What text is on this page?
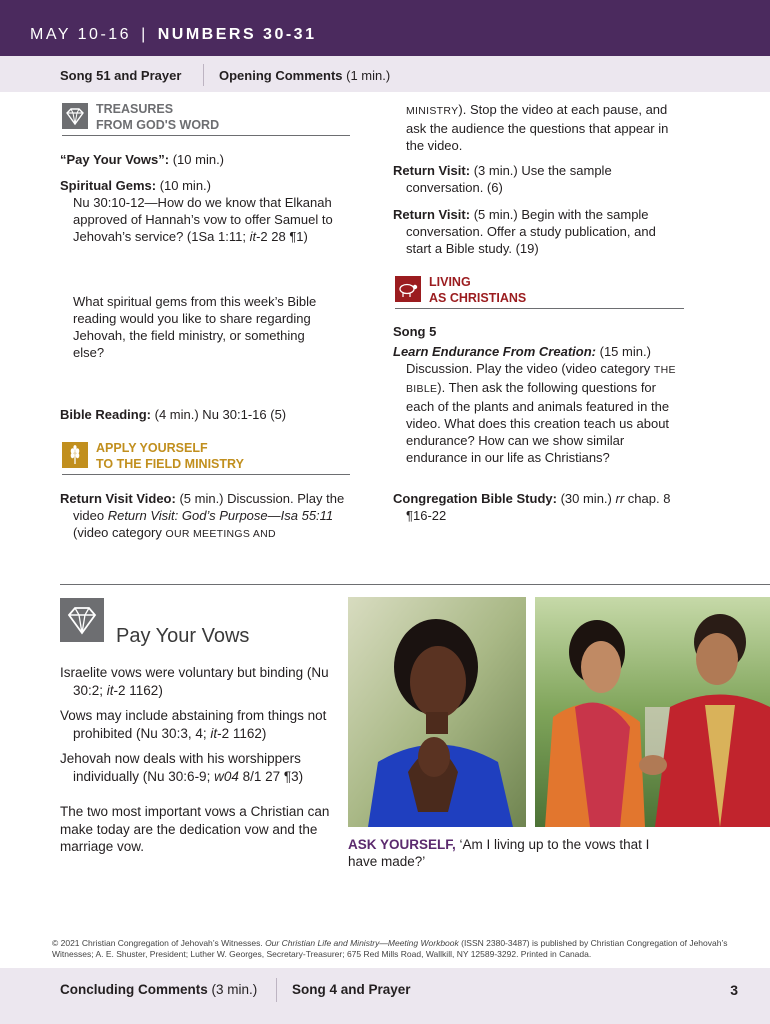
MAY 10-16 | NUMBERS 30-31
Song 51 and Prayer	Opening Comments (1 min.)
TREASURES
FROM GOD'S WORD
“Pay Your Vows”: (10 min.)
Spiritual Gems: (10 min.)
Nu 30:10-12—How do we know that Elkanah approved of Hannah’s vow to offer Samuel to Jehovah’s service? (1Sa 1:11; it-2 28 ¶1)
What spiritual gems from this week’s Bible reading would you like to share regarding Jehovah, the field ministry, or something else?
Bible Reading: (4 min.) Nu 30:1-16 (5)
APPLY YOURSELF
TO THE FIELD MINISTRY
Return Visit Video: (5 min.) Discussion. Play the video Return Visit: God’s Purpose—Isa 55:11 (video category OUR MEETINGS AND
MINISTRY). Stop the video at each pause, and ask the audience the questions that appear in the video.
Return Visit: (3 min.) Use the sample conversation. (6)
Return Visit: (5 min.) Begin with the sample conversation. Offer a study publication, and start a Bible study. (19)
LIVING
AS CHRISTIANS
Song 5
Learn Endurance From Creation: (15 min.) Discussion. Play the video (video category THE BIBLE). Then ask the following questions for each of the plants and animals featured in the video. What does this creation teach us about endurance? How can we show similar endurance in our life as Christians?
Congregation Bible Study: (30 min.) rr chap. 8 ¶16-22
Pay Your Vows
Israelite vows were voluntary but binding (Nu 30:2; it-2 1162)
Vows may include abstaining from things not prohibited (Nu 30:3, 4; it-2 1162)
Jehovah now deals with his worshippers individually (Nu 30:6-9; w04 8/1 27 ¶3)
The two most important vows a Christian can make today are the dedication vow and the marriage vow.	ASK YOURSELF, ‘Am I living up to the vows that I have made?’
© 2021 Christian Congregation of Jehovah’s Witnesses. Our Christian Life and Ministry—Meeting Workbook (ISSN 2380-3487) is published by Christian Congregation of Jehovah’s Witnesses; A. E. Shuster, President; Luther W. Georges, Secretary-Treasurer; 675 Red Mills Road, Wallkill, NY 12589-3292. Printed in Canada.
Concluding Comments (3 min.)	Song 4 and Prayer	3
